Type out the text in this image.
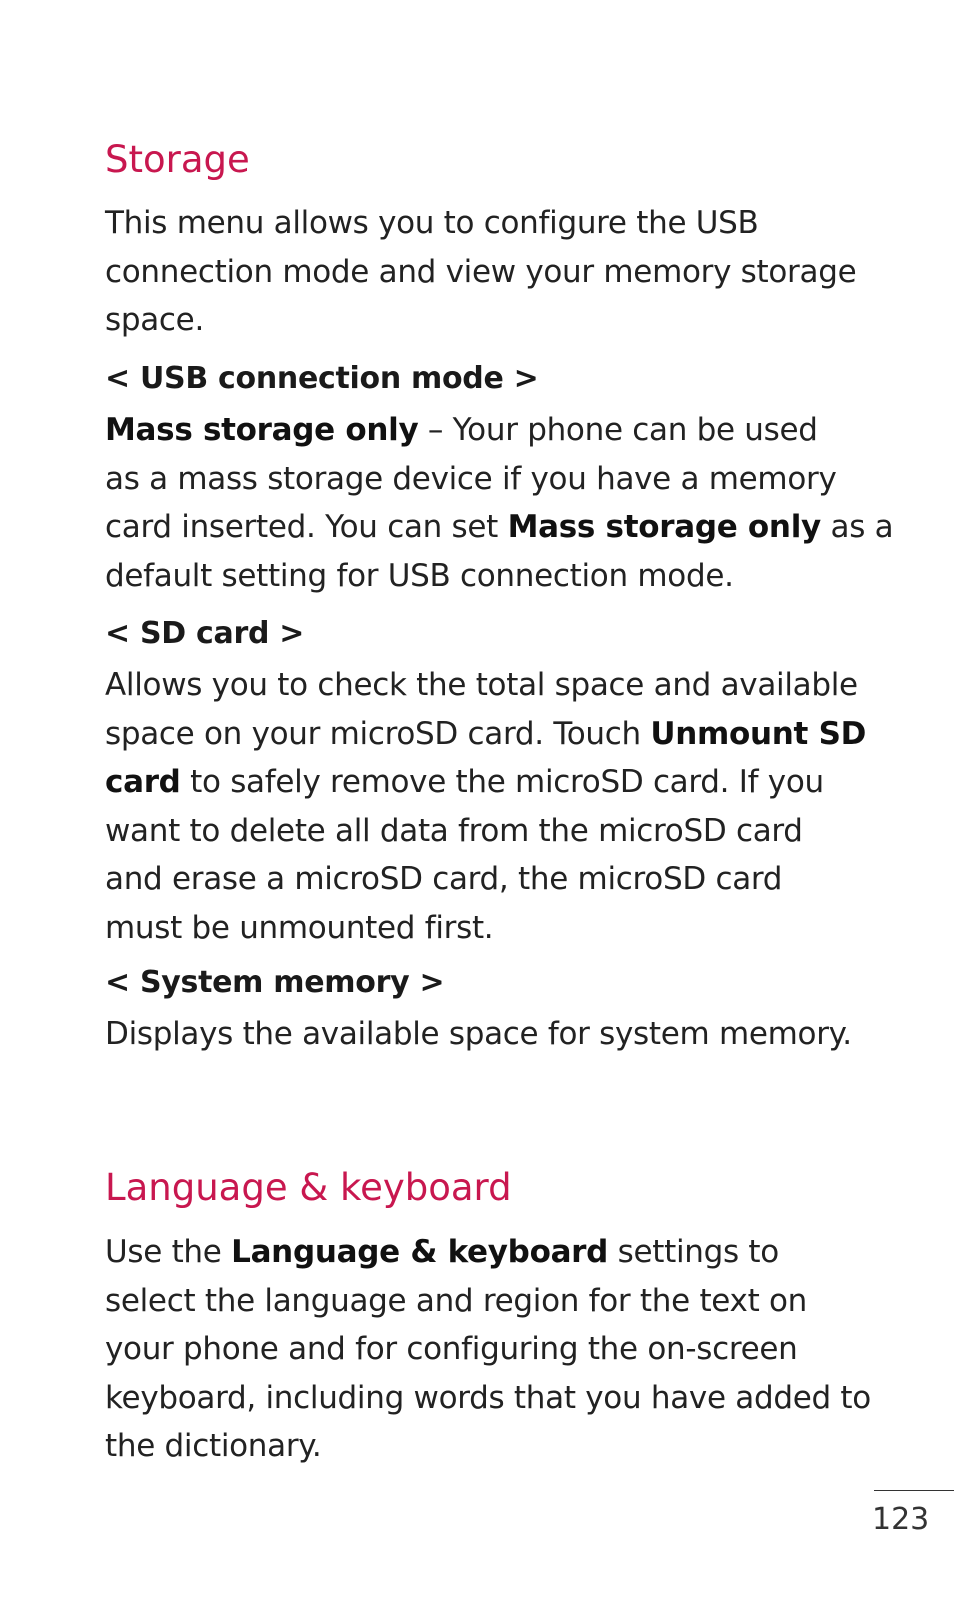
Storage

This menu allows you to configure the USB
connection mode and view your memory storage
space.

< USB connection mode >

Mass storage only – Your phone can be used
as a mass storage device if you have a memory
card inserted. You can set Mass storage only as a
default setting for USB connection mode.

< SD card >

Allows you to check the total space and available
space on your microSD card. Touch Unmount SD
card to safely remove the microSD card. If you
want to delete all data from the microSD card
and erase a microSD card, the microSD card
must be unmounted first.

< System memory >

Displays the available space for system memory.

Language & keyboard

Use the Language & keyboard settings to
select the language and region for the text on
your phone and for configuring the on-screen
keyboard, including words that you have added to
the dictionary.

123
